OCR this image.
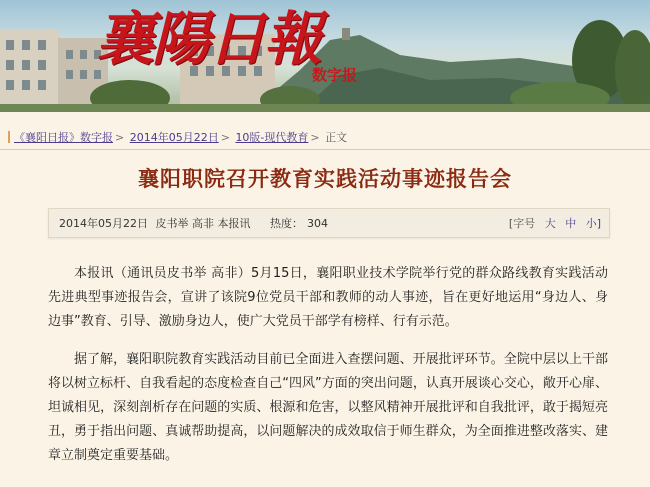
襄陽日報
数字报
《襄阳日报》数字报 > 2014年05月22日 > 10版-现代教育 > 正文
襄阳职院召开教育实践活动事迹报告会
2014年05月22日 皮书举 高非 本报讯 热度： 304	[字号 大 中 小]

本报讯（通讯员皮书举 高非）5月15日，襄阳职业技术学院举行党的群众路线教育实践活动先进典型事迹报告会，宣讲了该院9位党员干部和教师的动人事迹，旨在更好地运用“身边人、身边事”教育、引导、激励身边人，使广大党员干部学有榜样、行有示范。

据了解，襄阳职院教育实践活动目前已全面进入查摆问题、开展批评环节。全院中层以上干部将以树立标杆、自我看起的态度检查自己“四风”方面的突出问题，认真开展谈心交心，敞开心扉、坦诚相见，深刻剖析存在问题的实质、根源和危害，以整风精神开展批评和自我批评，敢于揭短亮丑，勇于指出问题、真诚帮助提高，以问题解决的成效取信于师生群众，为全面推进整改落实、建章立制奠定重要基础。
